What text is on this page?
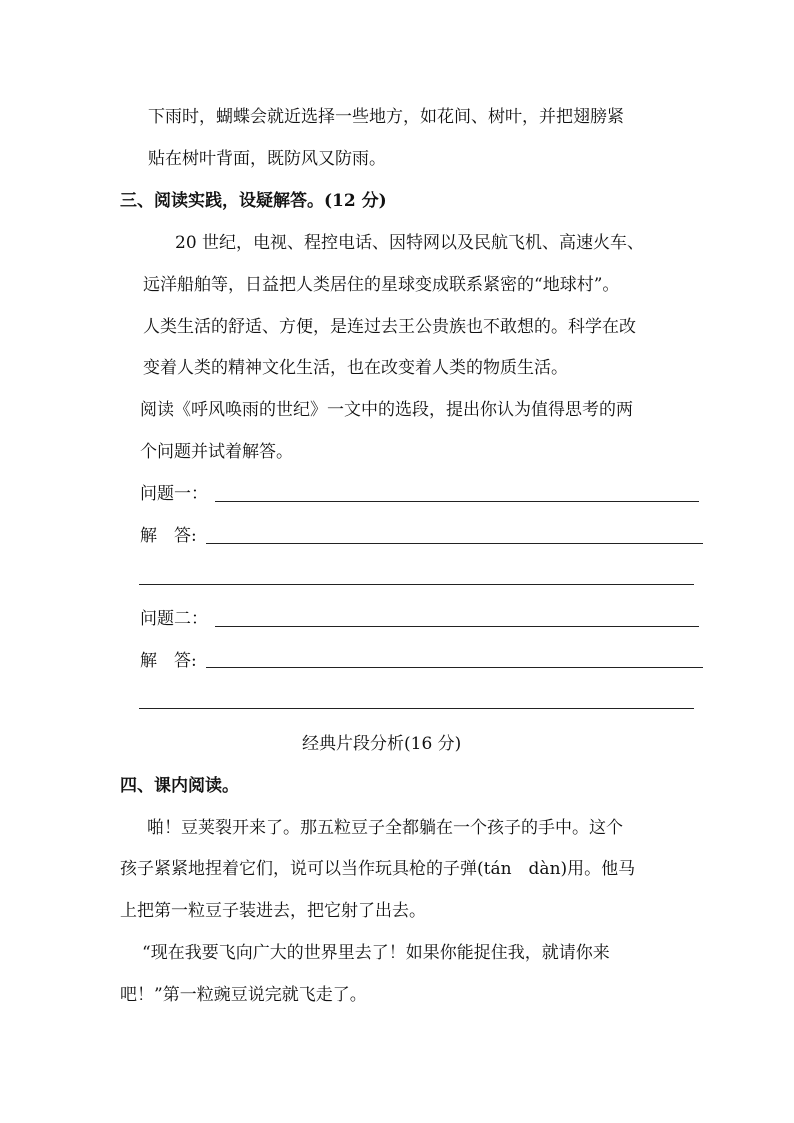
下雨时，蝴蝶会就近选择一些地方，如花间、树叶，并把翅膀紧
贴在树叶背面，既防风又防雨。
三、阅读实践，设疑解答。(12 分)
20 世纪，电视、程控电话、因特网以及民航飞机、高速火车、
远洋船舶等，日益把人类居住的星球变成联系紧密的“地球村”。
人类生活的舒适、方便，是连过去王公贵族也不敢想的。科学在改
变着人类的精神文化生活，也在改变着人类的物质生活。
阅读《呼风唤雨的世纪》一文中的选段，提出你认为值得思考的两
个问题并试着解答。
问题一：
解　答:
问题二：
解　答:
经典片段分析(16 分)
四、课内阅读。
啪！豆荚裂开来了。那五粒豆子全都躺在一个孩子的手中。这个
孩子紧紧地捏着它们，说可以当作玩具枪的子弹(tán　dàn)用。他马
上把第一粒豆子装进去，把它射了出去。
“现在我要飞向广大的世界里去了！如果你能捉住我，就请你来
吧！”第一粒豌豆说完就飞走了。
